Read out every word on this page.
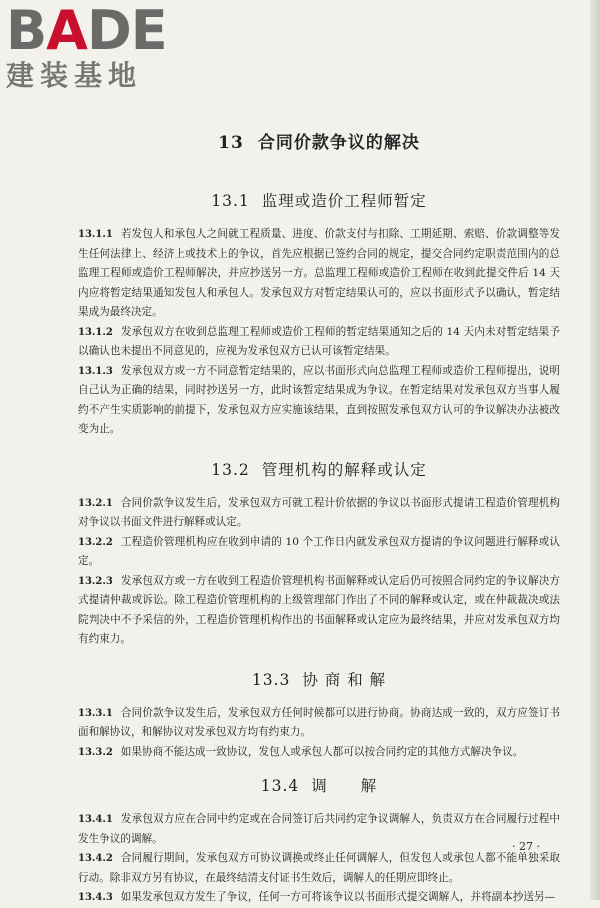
BADE
建装基地
13 合同价款争议的解决
13.1 监理或造价工程师暂定

13.1.1 若发包人和承包人之间就工程质量、进度、价款支付与扣除、工期延期、索赔、价款调整等发生任何法律上、经济上或技术上的争议，首先应根据已签约合同的规定，提交合同约定职责范围内的总监理工程师或造价工程师解决，并应抄送另一方。总监理工程师或造价工程师在收到此提交件后 14 天内应将暂定结果通知发包人和承包人。发承包双方对暂定结果认可的，应以书面形式予以确认，暂定结果成为最终决定。

13.1.2 发承包双方在收到总监理工程师或造价工程师的暂定结果通知之后的 14 天内未对暂定结果予以确认也未提出不同意见的，应视为发承包双方已认可该暂定结果。

13.1.3 发承包双方或一方不同意暂定结果的，应以书面形式向总监理工程师或造价工程师提出，说明自己认为正确的结果，同时抄送另一方，此时该暂定结果成为争议。在暂定结果对发承包双方当事人履约不产生实质影响的前提下，发承包双方应实施该结果，直到按照发承包双方认可的争议解决办法被改变为止。

13.2 管理机构的解释或认定

13.2.1 合同价款争议发生后，发承包双方可就工程计价依据的争议以书面形式提请工程造价管理机构对争议以书面文件进行解释或认定。

13.2.2 工程造价管理机构应在收到申请的 10 个工作日内就发承包双方提请的争议问题进行解释或认定。

13.2.3 发承包双方或一方在收到工程造价管理机构书面解释或认定后仍可按照合同约定的争议解决方式提请仲裁或诉讼。除工程造价管理机构的上级管理部门作出了不同的解释或认定，或在仲裁裁决或法院判决中不予采信的外，工程造价管理机构作出的书面解释或认定应为最终结果，并应对发承包双方均有约束力。

13.3 协 商 和 解

13.3.1 合同价款争议发生后，发承包双方任何时候都可以进行协商。协商达成一致的，双方应签订书面和解协议，和解协议对发承包双方均有约束力。

13.3.2 如果协商不能达成一致协议，发包人或承包人都可以按合同约定的其他方式解决争议。

13.4 调　　解

13.4.1 发承包双方应在合同中约定或在合同签订后共同约定争议调解人，负责双方在合同履行过程中发生争议的调解。

13.4.2 合同履行期间，发承包双方可协议调换或终止任何调解人，但发包人或承包人都不能单独采取行动。除非双方另有协议，在最终结清支付证书生效后，调解人的任期应即终止。

13.4.3 如果发承包双方发生了争议，任何一方可将该争议以书面形式提交调解人，并将副本抄送另—

· 27 ·
